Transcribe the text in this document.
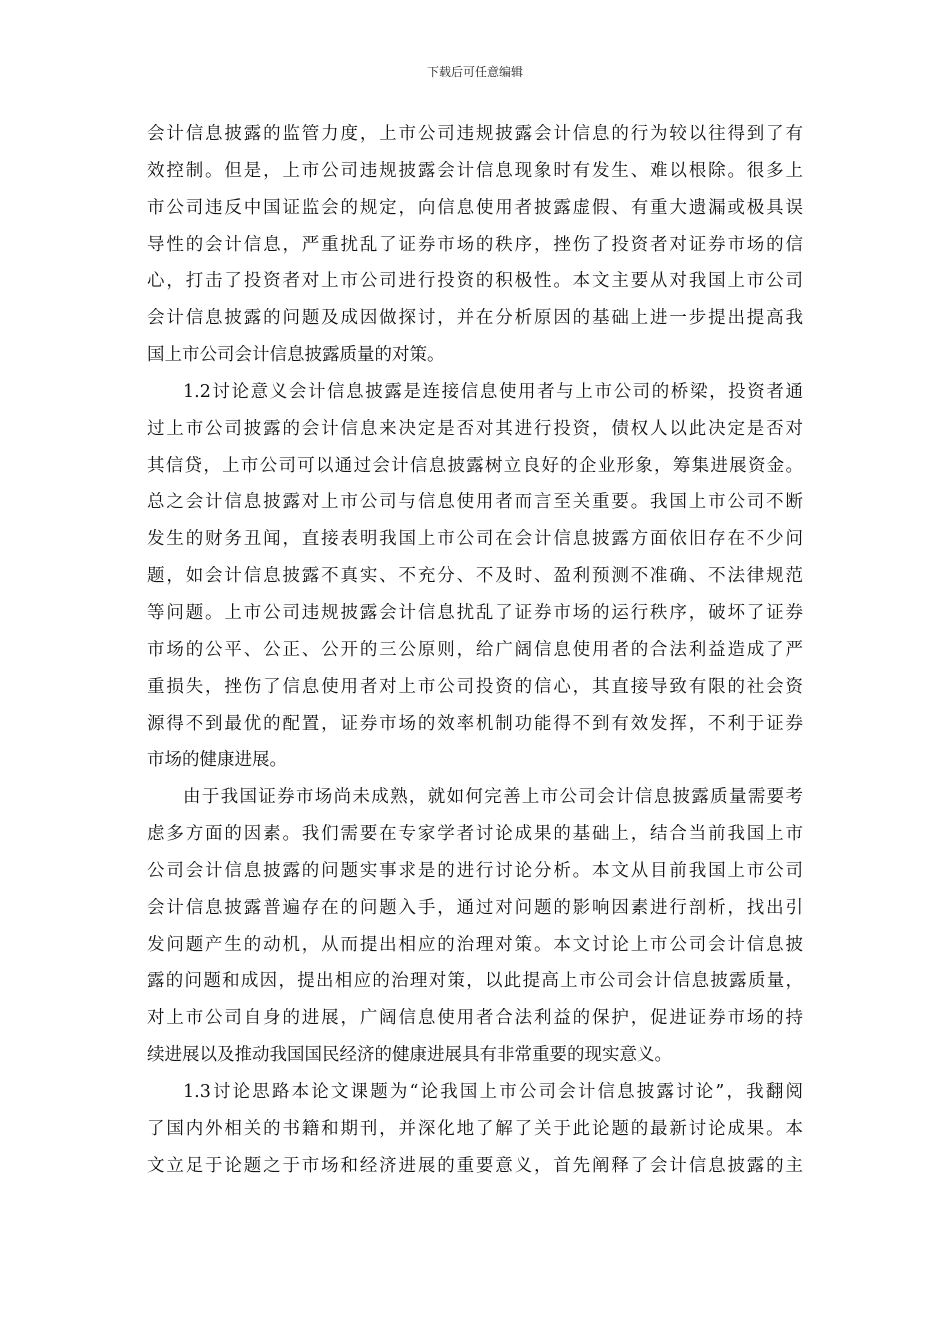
下载后可任意编辑
会计信息披露的监管力度，上市公司违规披露会计信息的行为较以往得到了有
效控制。但是，上市公司违规披露会计信息现象时有发生、难以根除。很多上
市公司违反中国证监会的规定，向信息使用者披露虚假、有重大遗漏或极具误
导性的会计信息，严重扰乱了证券市场的秩序，挫伤了投资者对证券市场的信
心，打击了投资者对上市公司进行投资的积极性。本文主要从对我国上市公司
会计信息披露的问题及成因做探讨，并在分析原因的基础上进一步提出提高我
国上市公司会计信息披露质量的对策。
1.2讨论意义会计信息披露是连接信息使用者与上市公司的桥梁，投资者通
过上市公司披露的会计信息来决定是否对其进行投资，债权人以此决定是否对
其信贷，上市公司可以通过会计信息披露树立良好的企业形象，筹集进展资金。
总之会计信息披露对上市公司与信息使用者而言至关重要。我国上市公司不断
发生的财务丑闻，直接表明我国上市公司在会计信息披露方面依旧存在不少问
题，如会计信息披露不真实、不充分、不及时、盈利预测不准确、不法律规范
等问题。上市公司违规披露会计信息扰乱了证券市场的运行秩序，破坏了证券
市场的公平、公正、公开的三公原则，给广阔信息使用者的合法利益造成了严
重损失，挫伤了信息使用者对上市公司投资的信心，其直接导致有限的社会资
源得不到最优的配置，证券市场的效率机制功能得不到有效发挥，不利于证券
市场的健康进展。
由于我国证券市场尚未成熟，就如何完善上市公司会计信息披露质量需要考
虑多方面的因素。我们需要在专家学者讨论成果的基础上，结合当前我国上市
公司会计信息披露的问题实事求是的进行讨论分析。本文从目前我国上市公司
会计信息披露普遍存在的问题入手，通过对问题的影响因素进行剖析，找出引
发问题产生的动机，从而提出相应的治理对策。本文讨论上市公司会计信息披
露的问题和成因，提出相应的治理对策，以此提高上市公司会计信息披露质量，
对上市公司自身的进展，广阔信息使用者合法利益的保护，促进证券市场的持
续进展以及推动我国国民经济的健康进展具有非常重要的现实意义。
1.3讨论思路本论文课题为“论我国上市公司会计信息披露讨论”，我翻阅
了国内外相关的书籍和期刊，并深化地了解了关于此论题的最新讨论成果。本
文立足于论题之于市场和经济进展的重要意义，首先阐释了会计信息披露的主
